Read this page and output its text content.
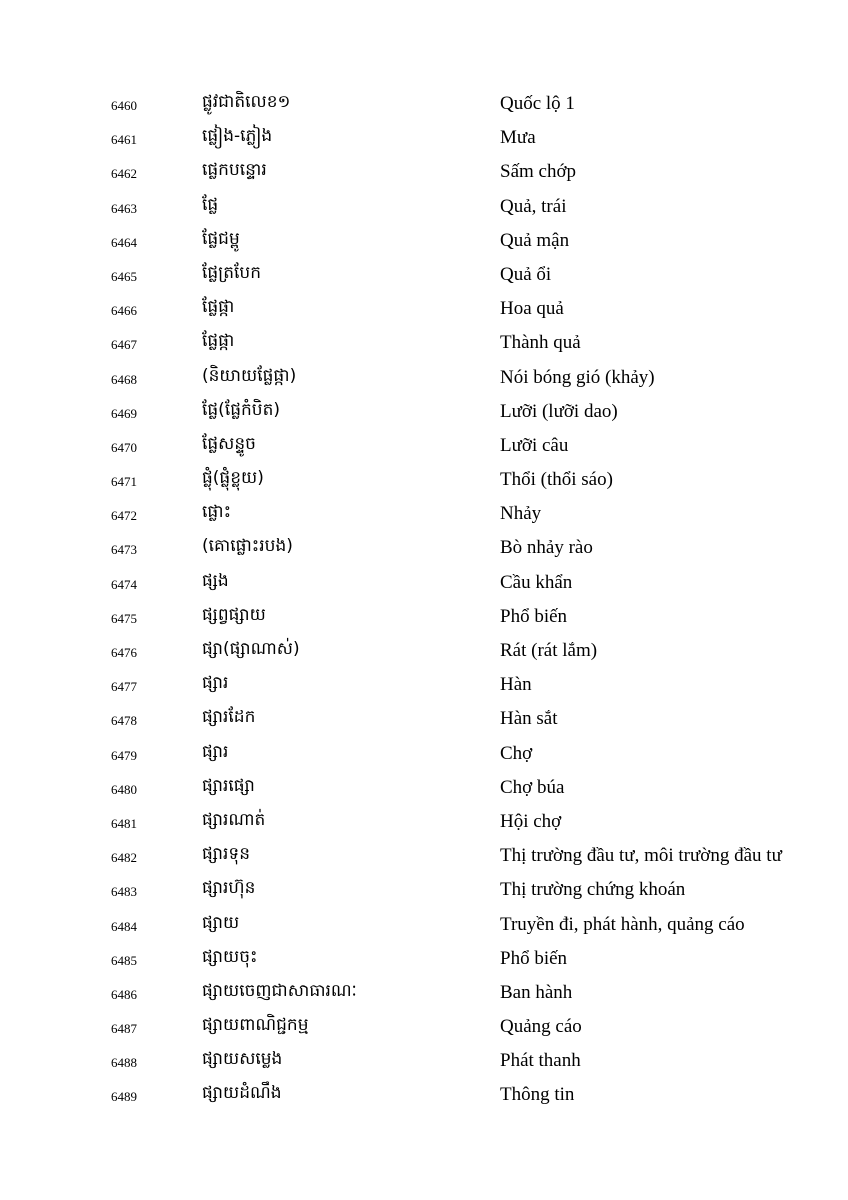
6460	ផ្លូវជាតិលេខ១	Quốc lộ 1
6461	ផ្លៀង-ភ្លៀង	Mưa
6462	ផ្លេកបន្ទោរ	Sấm chớp
6463	ផ្លែ	Quả, trái
6464	ផ្លែជម្ពូ	Quả mận
6465	ផ្លែត្របែក	Quả ổi
6466	ផ្លែផ្កា	Hoa quả
6467	ផ្លែផ្កា	Thành quả
6468	(និយាយផ្លែផ្កា)	Nói bóng gió (khảy)
6469	ផ្លែ(ផ្លែកំបិត)	Lưỡi (lưỡi dao)
6470	ផ្លែសន្ទូច	Lưỡi câu
6471	ផ្លុំ(ផ្លុំខ្លុយ)	Thổi (thổi sáo)
6472	ផ្លោះ	Nhảy
6473	(គោផ្លោះរបង)	Bò nhảy rào
6474	ផ្សង	Cầu khẩn
6475	ផ្សព្វផ្សាយ	Phổ biến
6476	ផ្សា(ផ្សាណាស់)	Rát (rát lắm)
6477	ផ្សារ	Hàn
6478	ផ្សារដែក	Hàn sắt
6479	ផ្សារ	Chợ
6480	ផ្សារផ្សោ	Chợ búa
6481	ផ្សារណាត់	Hội chợ
6482	ផ្សារទុន	Thị trường đầu tư, môi trường đầu tư
6483	ផ្សារហ៊ុន	Thị trường chứng khoán
6484	ផ្សាយ	Truyền đi, phát hành, quảng cáo
6485	ផ្សាយចុះ	Phổ biến
6486	ផ្សាយចេញជាសាធារណៈ	Ban hành
6487	ផ្សាយពាណិជ្ជកម្ម	Quảng cáo
6488	ផ្សាយសម្លេង	Phát thanh
6489	ផ្សាយដំណឹង	Thông tin
